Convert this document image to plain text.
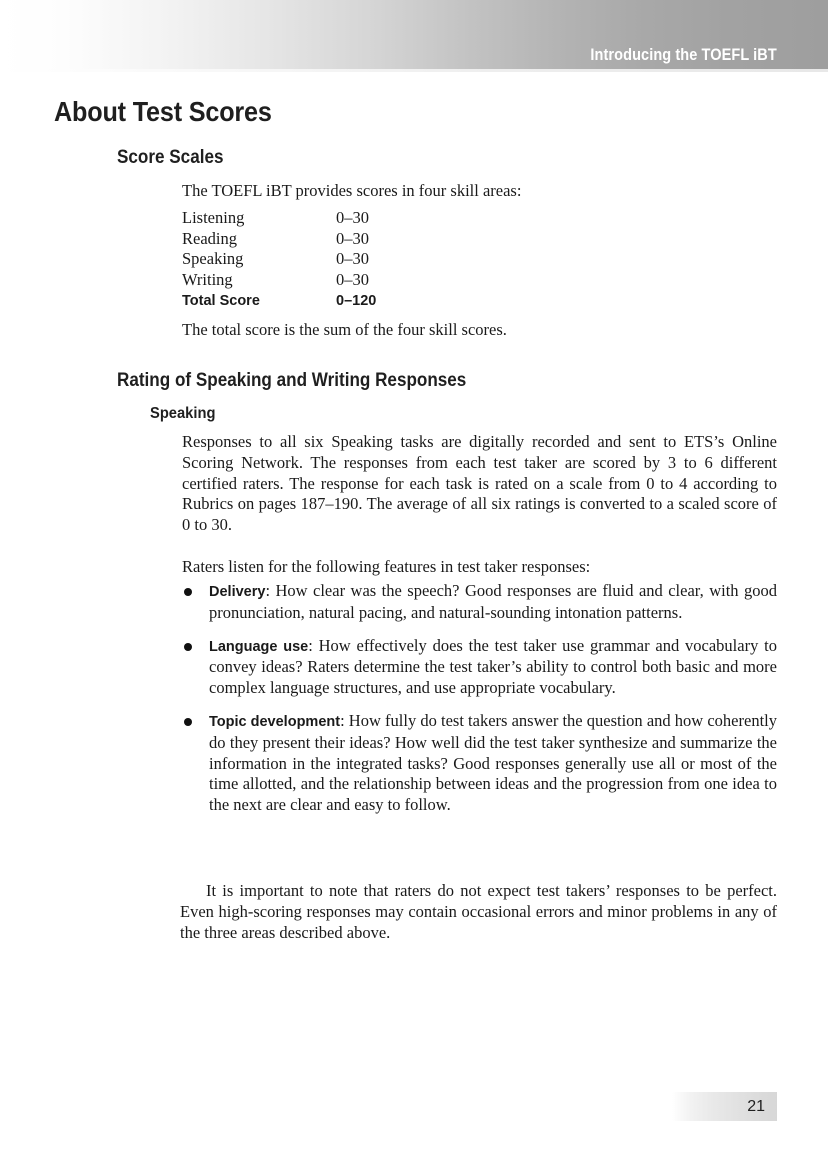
Introducing the TOEFL iBT
About Test Scores
Score Scales

The TOEFL iBT provides scores in four skill areas:

Listening	0–30
Reading	0–30
Speaking	0–30
Writing	0–30
Total Score	0–120

The total score is the sum of the four skill scores.

Rating of Speaking and Writing Responses
Speaking

Responses to all six Speaking tasks are digitally recorded and sent to ETS’s Online Scoring Network. The responses from each test taker are scored by 3 to 6 different certified raters. The response for each task is rated on a scale from 0 to 4 according to Rubrics on pages 187–190. The average of all six ratings is converted to a scaled score of 0 to 30.

Raters listen for the following features in test taker responses:

Delivery: How clear was the speech? Good responses are fluid and clear, with good pronunciation, natural pacing, and natural-sounding intonation patterns.
Language use: How effectively does the test taker use grammar and vocabulary to convey ideas? Raters determine the test taker’s ability to control both basic and more complex language structures, and use appropriate vocabulary.
Topic development: How fully do test takers answer the question and how coherently do they present their ideas? How well did the test taker synthesize and summarize the information in the integrated tasks? Good responses generally use all or most of the time allotted, and the relationship between ideas and the progression from one idea to the next are clear and easy to follow.

It is important to note that raters do not expect test takers’ responses to be perfect. Even high-scoring responses may contain occasional errors and minor problems in any of the three areas described above.

21
